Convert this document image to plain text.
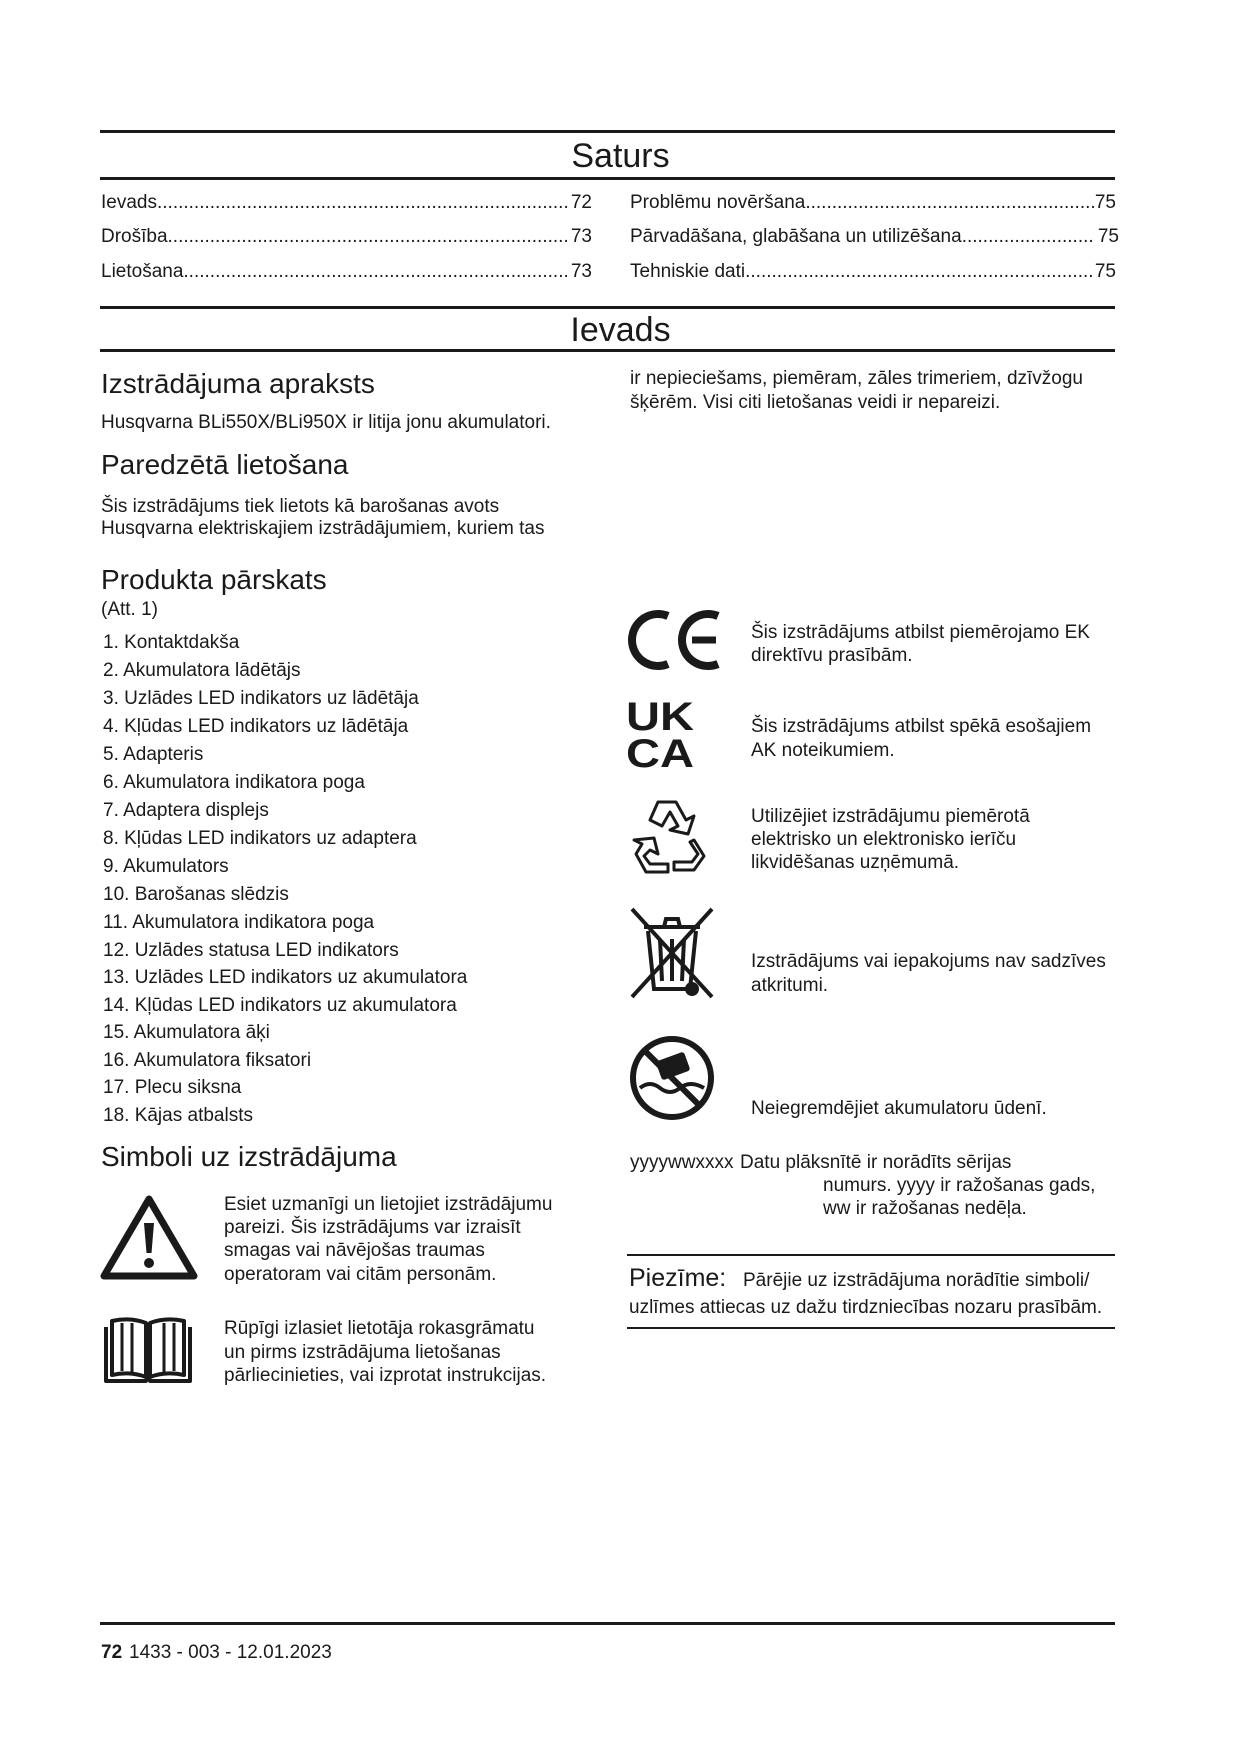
Saturs
Ievads .....	72
Drošība .....	73
Lietošana .....	73
Problēmu novēršana .....	75
Pārvadāšana, glabāšana un utilizēšana .....	75
Tehniskie dati .....	75
Ievads
Izstrādājuma apraksts
Husqvarna BLi550X/BLi950X ir litija jonu akumulatori.
Paredzētā lietošana
Šis izstrādājums tiek lietots kā barošanas avots
Husqvarna elektriskajiem izstrādājumiem, kuriem tas
ir nepieciešams, piemēram, zāles trimeriem, dzīvžogu
šķērēm. Visi citi lietošanas veidi ir nepareizi.
Produkta pārskats
(Att. 1)
1. Kontaktdakša
2. Akumulatora lādētājs
3. Uzlādes LED indikators uz lādētāja
4. Kļūdas LED indikators uz lādētāja
5. Adapteris
6. Akumulatora indikatora poga
7. Adaptera displejs
8. Kļūdas LED indikators uz adaptera
9. Akumulators
10. Barošanas slēdzis
11. Akumulatora indikatora poga
12. Uzlādes statusa LED indikators
13. Uzlādes LED indikators uz akumulatora
14. Kļūdas LED indikators uz akumulatora
15. Akumulatora āķi
16. Akumulatora fiksatori
17. Plecu siksna
18. Kājas atbalsts
Simboli uz izstrādājuma
Esiet uzmanīgi un lietojiet izstrādājumu
pareizi. Šis izstrādājums var izraisīt
smagas vai nāvējošas traumas
operatoram vai citām personām.
Rūpīgi izlasiet lietotāja rokasgrāmatu
un pirms izstrādājuma lietošanas
pārliecinieties, vai izprotat instrukcijas.
Šis izstrādājums atbilst piemērojamo EK
direktīvu prasībām.
UK
CA
Šis izstrādājums atbilst spēkā esošajiem
AK noteikumiem.
Utilizējiet izstrādājumu piemērotā
elektrisko un elektronisko ierīču
likvidēšanas uzņēmumā.
Izstrādājums vai iepakojums nav sadzīves
atkritumi.
Neiegremdējiet akumulatoru ūdenī.
yyyywwxxxx Datu plāksnītē ir norādīts sērijas
numurs. yyyy ir ražošanas gads,
ww ir ražošanas nedēļa.
Piezīme: Pārējie uz izstrādājuma norādītie simboli/
uzlīmes attiecas uz dažu tirdzniecības nozaru prasībām.
72 1433 - 003 - 12.01.2023
